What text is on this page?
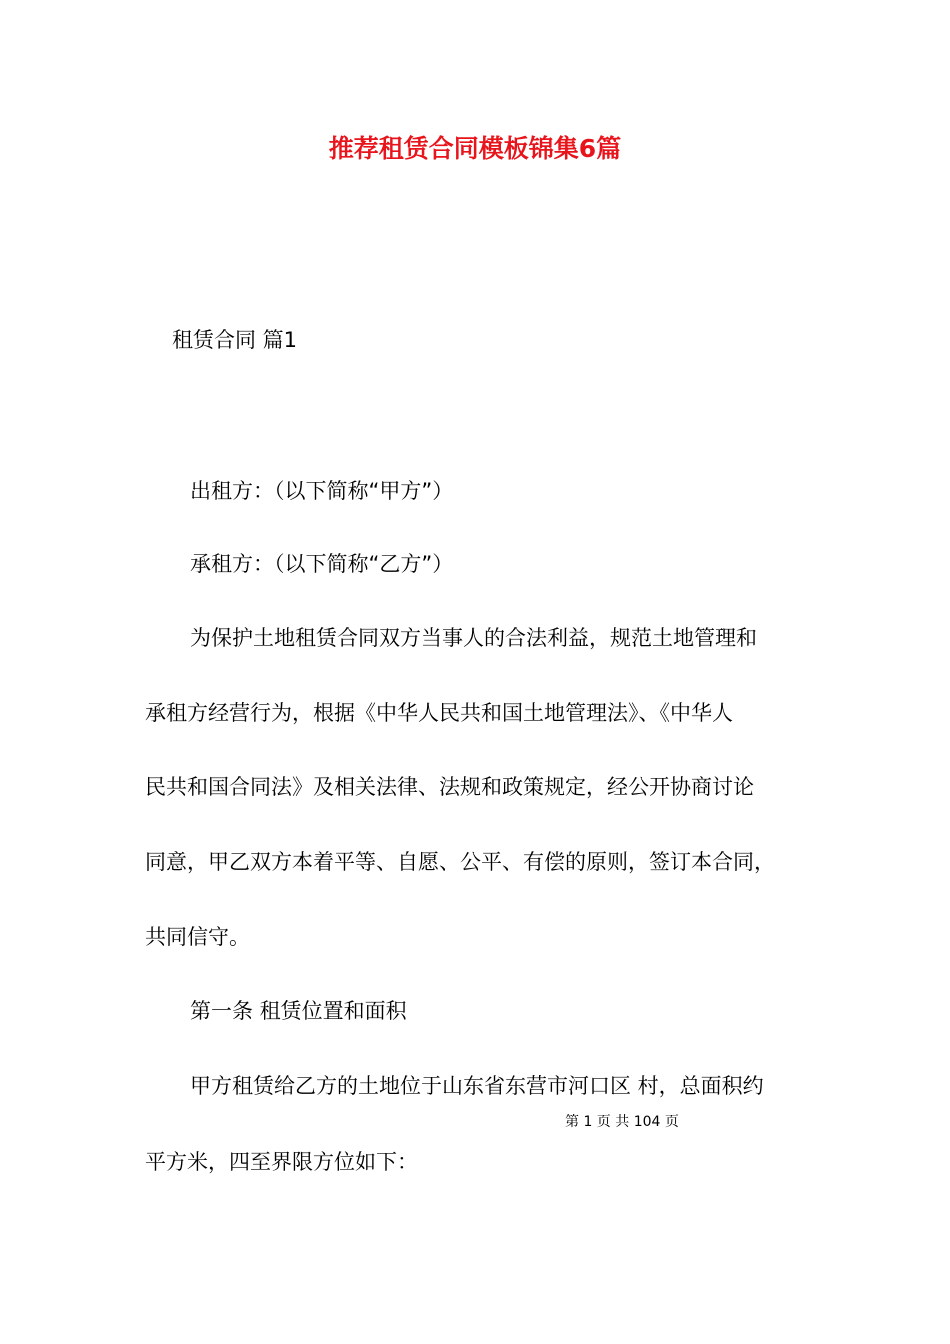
推荐租赁合同模板锦集6篇
租赁合同 篇1
出租方：（以下简称“甲方”）
承租方：（以下简称“乙方”）
为保护土地租赁合同双方当事人的合法利益，规范土地管理和
承租方经营行为，根据《中华人民共和国土地管理法》、《中华人
民共和国合同法》及相关法律、法规和政策规定，经公开协商讨论
同意，甲乙双方本着平等、自愿、公平、有偿的原则，签订本合同，
共同信守。
第一条 租赁位置和面积
甲方租赁给乙方的土地位于山东省东营市河口区 村，总面积约
第 1 页 共 104 页
平方米，四至界限方位如下：
